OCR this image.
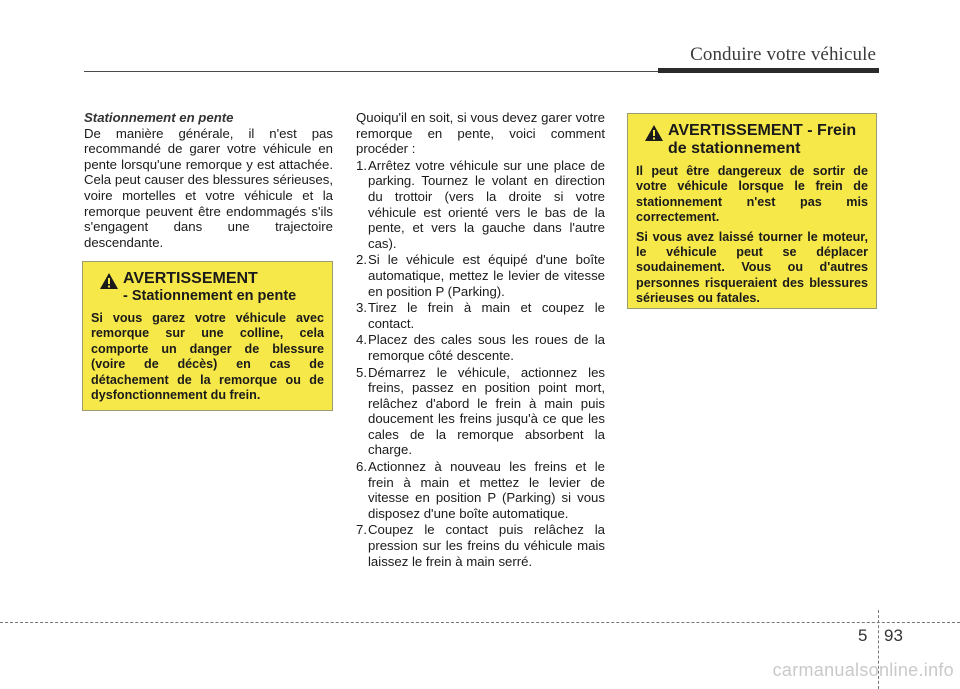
Conduire votre véhicule

Stationnement en pente

De manière générale, il n'est pas recommandé de garer votre véhicule en pente lorsqu'une remorque y est attachée. Cela peut causer des blessures sérieuses, voire mortelles et votre véhicule et la remorque peuvent être endommagés s'ils s'engagent dans une trajectoire descendante.

AVERTISSEMENT
- Stationnement en pente

Si vous garez votre véhicule avec remorque sur une colline, cela comporte un danger de blessure (voire de décès) en cas de détachement de la remorque ou de dysfonctionnement du frein.

Quoiqu'il en soit, si vous devez garer votre remorque en pente, voici comment procéder :

1. Arrêtez votre véhicule sur une place de parking. Tournez le volant en direction du trottoir (vers la droite si votre véhicule est orienté vers le bas de la pente, et vers la gauche dans l'autre cas).
2. Si le véhicule est équipé d'une boîte automatique, mettez le levier de vitesse en position P (Parking).
3. Tirez le frein à main et coupez le contact.
4. Placez des cales sous les roues de la remorque côté descente.
5. Démarrez le véhicule, actionnez les freins, passez en position point mort, relâchez d'abord le frein à main puis doucement les freins jusqu'à ce que les cales de la remorque absorbent la charge.
6. Actionnez à nouveau les freins et le frein à main et mettez le levier de vitesse en position P (Parking) si vous disposez d'une boîte automatique.
7. Coupez le contact puis relâchez la pression sur les freins du véhicule mais laissez le frein à main serré.
AVERTISSEMENT - Frein
de stationnement

Il peut être dangereux de sortir de votre véhicule lorsque le frein de stationnement n'est pas mis correctement.

Si vous avez laissé tourner le moteur, le véhicule peut se déplacer soudainement. Vous ou d'autres personnes risqueraient des blessures sérieuses ou fatales.

5 93
carmanualsonline.info
